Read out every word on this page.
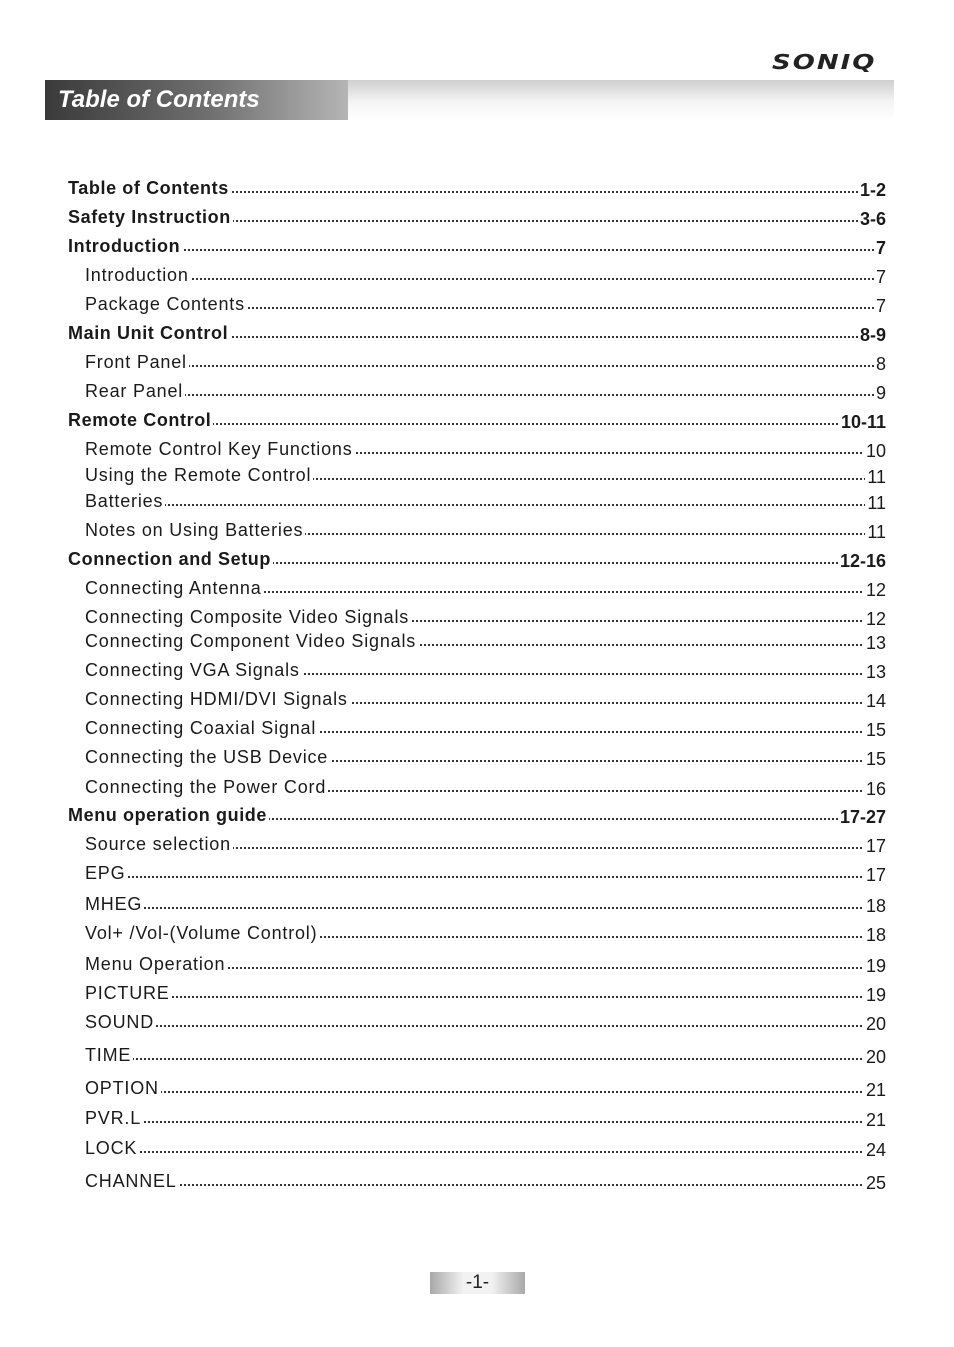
SONIQ
Table of Contents
Table of Contents	1-2
Safety Instruction	3-6
Introduction	7
Introduction	7
Package Contents	7
Main Unit Control	8-9
Front Panel	8
Rear Panel	9
Remote Control	10-11
Remote Control Key Functions	10
Using the Remote Control	11
Batteries	11
Notes on Using Batteries	11
Connection and Setup	12-16
Connecting Antenna	12
Connecting Composite Video Signals	12
Connecting Component Video Signals	13
Connecting VGA Signals	13
Connecting HDMI/DVI Signals	14
Connecting Coaxial Signal	15
Connecting the USB Device	15
Connecting the Power Cord	16
Menu operation guide	17-27
Source selection	17
EPG	17
MHEG	18
Vol+ /Vol-(Volume Control)	18
Menu Operation	19
PICTURE	19
SOUND	20
TIME	20
OPTION	21
PVR.L	21
LOCK	24
CHANNEL	25
-1-
